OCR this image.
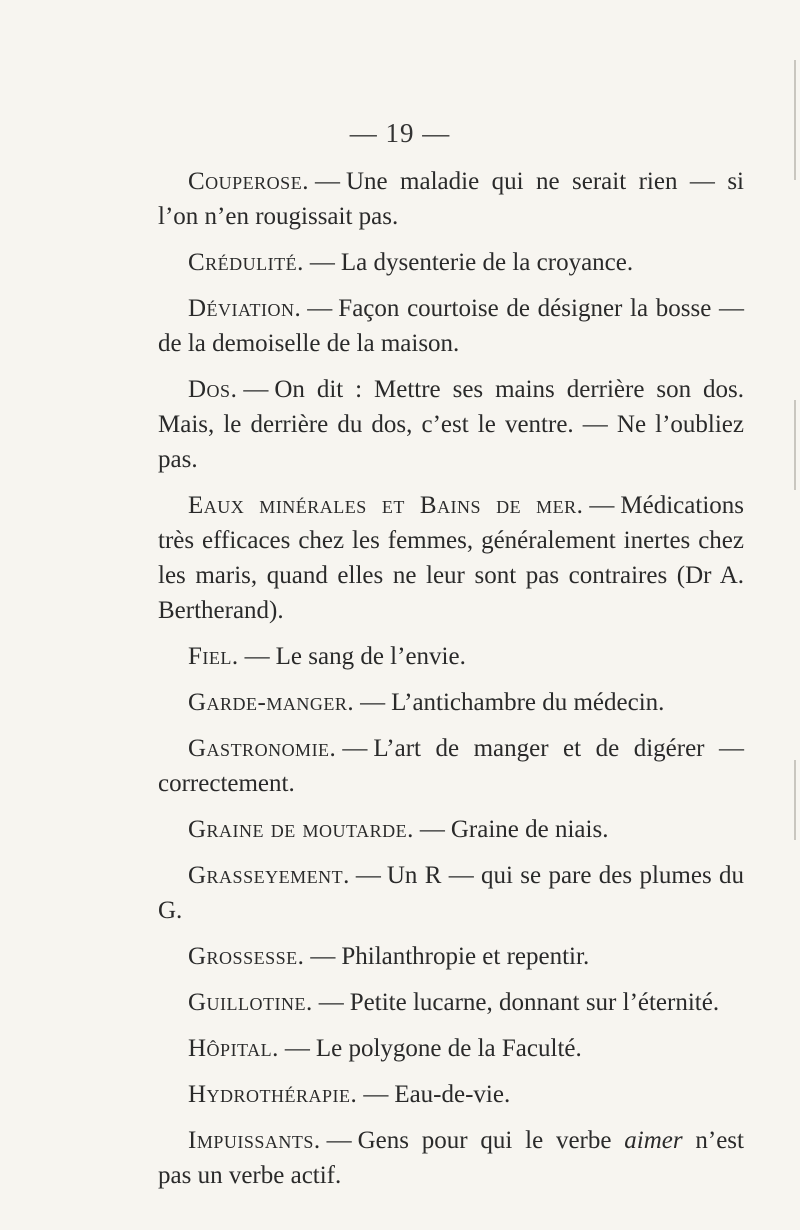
— 19 —

Couperose. — Une maladie qui ne serait rien — si l’on n’en rougissait pas.

Crédulité. — La dysenterie de la croyance.

Déviation. — Façon courtoise de désigner la bosse — de la demoiselle de la maison.

Dos. — On dit : Mettre ses mains derrière son dos. Mais, le derrière du dos, c’est le ventre. — Ne l’oubliez pas.

Eaux minérales et Bains de mer. — Médications très efficaces chez les femmes, généralement inertes chez les maris, quand elles ne leur sont pas contraires (Dr A. Bertherand).

Fiel. — Le sang de l’envie.

Garde-manger. — L’antichambre du médecin.

Gastronomie. — L’art de manger et de digérer — correctement.

Graine de moutarde. — Graine de niais.

Grasseyement. — Un R — qui se pare des plumes du G.

Grossesse. — Philanthropie et repentir.

Guillotine. — Petite lucarne, donnant sur l’éternité.

Hôpital. — Le polygone de la Faculté.

Hydrothérapie. — Eau-de-vie.

Impuissants. — Gens pour qui le verbe aimer n’est pas un verbe actif.
